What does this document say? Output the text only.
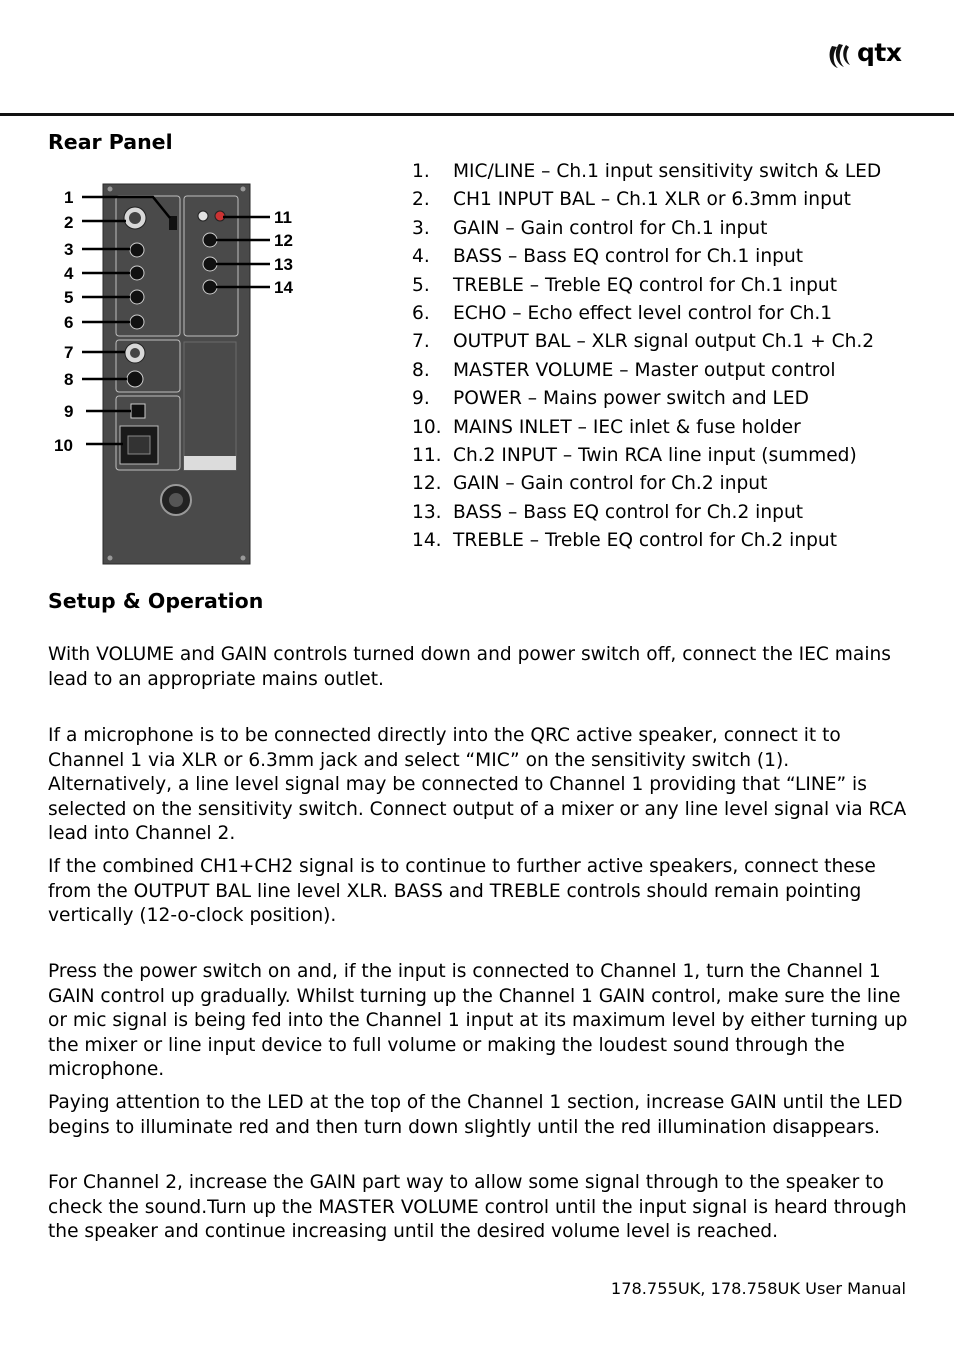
qtx
Rear Panel
1
2
3
4
5
6
7
8
9
10
11
12
13
14
1. MIC/LINE – Ch.1 input sensitivity switch & LED
2. CH1 INPUT BAL – Ch.1 XLR or 6.3mm input
3. GAIN – Gain control for Ch.1 input
4. BASS – Bass EQ control for Ch.1 input
5. TREBLE – Treble EQ control for Ch.1 input
6. ECHO – Echo effect level control for Ch.1
7. OUTPUT BAL – XLR signal output Ch.1 + Ch.2
8. MASTER VOLUME – Master output control
9. POWER – Mains power switch and LED
10. MAINS INLET – IEC inlet & fuse holder
11. Ch.2 INPUT – Twin RCA line input (summed)
12. GAIN – Gain control for Ch.2 input
13. BASS – Bass EQ control for Ch.2 input
14. TREBLE – Treble EQ control for Ch.2 input
Setup & Operation

With VOLUME and GAIN controls turned down and power switch off, connect the IEC mains lead to an appropriate mains outlet.

If a microphone is to be connected directly into the QRC active speaker, connect it to Channel 1 via XLR or 6.3mm jack and select “MIC” on the sensitivity switch (1). Alternatively, a line level signal may be connected to Channel 1 providing that “LINE” is selected on the sensitivity switch. Connect output of a mixer or any line level signal via RCA lead into Channel 2.

If the combined CH1+CH2 signal is to continue to further active speakers, connect these from the OUTPUT BAL line level XLR. BASS and TREBLE controls should remain pointing vertically (12-o-clock position).

Press the power switch on and, if the input is connected to Channel 1, turn the Channel 1 GAIN control up gradually. Whilst turning up the Channel 1 GAIN control, make sure the line or mic signal is being fed into the Channel 1 input at its maximum level by either turning up the mixer or line input device to full volume or making the loudest sound through the microphone.

Paying attention to the LED at the top of the Channel 1 section, increase GAIN until the LED begins to illuminate red and then turn down slightly until the red illumination disappears.

For Channel 2, increase the GAIN part way to allow some signal through to the speaker to check the sound.Turn up the MASTER VOLUME control until the input signal is heard through the speaker and continue increasing until the desired volume level is reached.

178.755UK, 178.758UK User Manual
